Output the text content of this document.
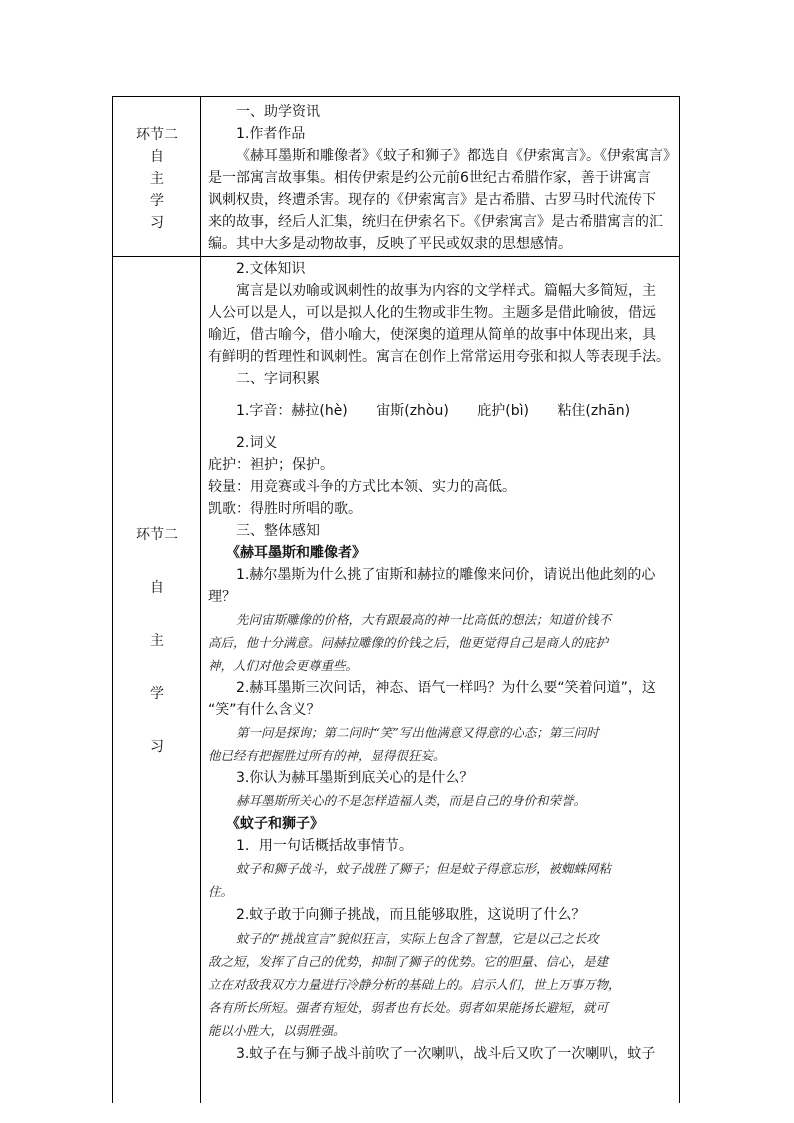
环节二
自
主
学
习
一、助学资讯
1.作者作品
《赫耳墨斯和雕像者》《蚊子和狮子》都选自《伊索寓言》。《伊索寓言》
是一部寓言故事集。相传伊索是约公元前6世纪古希腊作家，善于讲寓言
讽刺权贵，终遭杀害。现存的《伊索寓言》是古希腊、古罗马时代流传下
来的故事，经后人汇集，统归在伊索名下。《伊索寓言》是古希腊寓言的汇
编。其中大多是动物故事，反映了平民或奴隶的思想感情。
环节二
自
主
学
习
2.文体知识
寓言是以劝喻或讽刺性的故事为内容的文学样式。篇幅大多简短，主
人公可以是人，可以是拟人化的生物或非生物。主题多是借此喻彼，借远
喻近，借古喻今，借小喻大，使深奥的道理从简单的故事中体现出来，具
有鲜明的哲理性和讽刺性。寓言在创作上常常运用夸张和拟人等表现手法。
二、字词积累
1.字音：赫拉(hè) 宙斯(zhòu) 庇护(bì) 粘住(zhān)
2.词义
庇护：袒护；保护。
较量：用竞赛或斗争的方式比本领、实力的高低。
凯歌：得胜时所唱的歌。
三、整体感知
《赫耳墨斯和雕像者》
1.赫尔墨斯为什么挑了宙斯和赫拉的雕像来问价，请说出他此刻的心
理？
先问宙斯雕像的价格，大有跟最高的神一比高低的想法；知道价钱不
高后，他十分满意。问赫拉雕像的价钱之后，他更觉得自己是商人的庇护
神，人们对他会更尊重些。
2.赫耳墨斯三次问话，神态、语气一样吗？为什么要“笑着问道”，这
“笑”有什么含义？
第一问是探询；第二问时“笑”写出他满意又得意的心态；第三问时
他已经有把握胜过所有的神，显得很狂妄。
3.你认为赫耳墨斯到底关心的是什么？
赫耳墨斯所关心的不是怎样造福人类，而是自己的身价和荣誉。
《蚊子和狮子》
1．用一句话概括故事情节。
蚊子和狮子战斗，蚊子战胜了狮子；但是蚊子得意忘形，被蜘蛛网粘
住。
2.蚊子敢于向狮子挑战，而且能够取胜，这说明了什么？
蚊子的“挑战宣言”貌似狂言，实际上包含了智慧，它是以己之长攻
敌之短，发挥了自己的优势，抑制了狮子的优势。它的胆量、信心，是建
立在对敌我双方力量进行冷静分析的基础上的。启示人们，世上万事万物，
各有所长所短。强者有短处，弱者也有长处。弱者如果能扬长避短，就可
能以小胜大，以弱胜强。
3.蚊子在与狮子战斗前吹了一次喇叭，战斗后又吹了一次喇叭，蚊子
